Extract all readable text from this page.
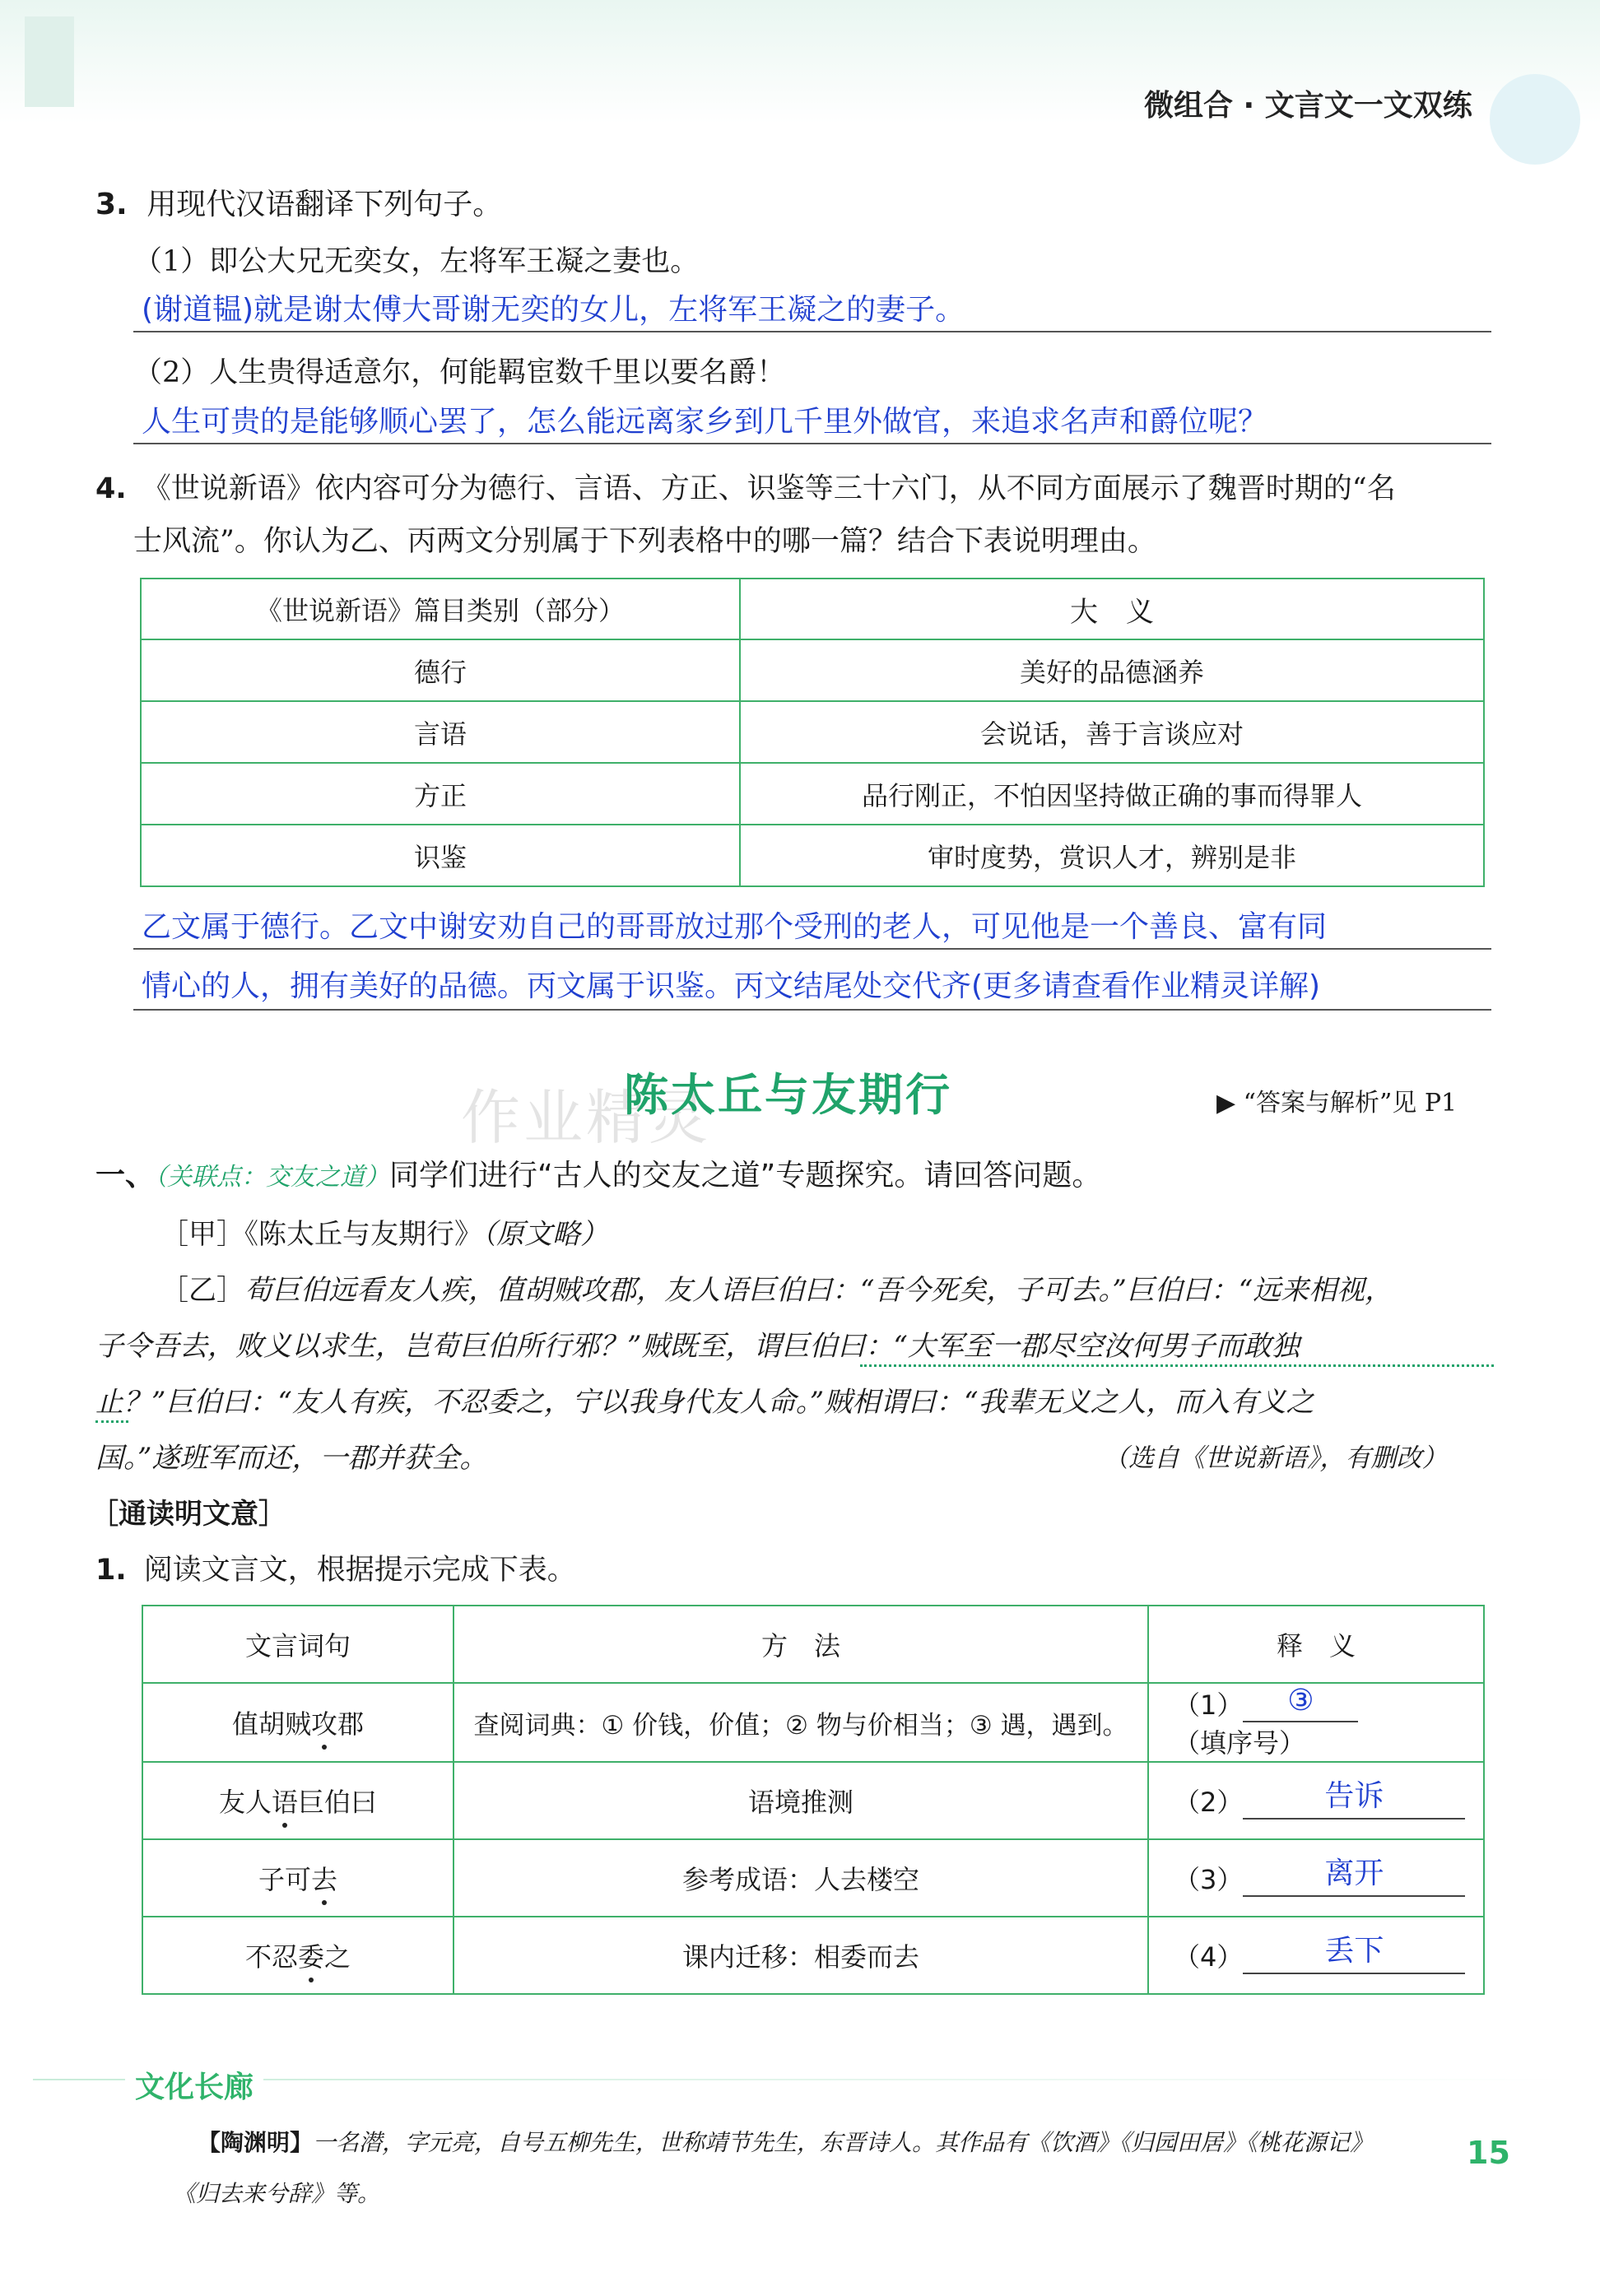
微组合 · 文言文一文双练
3. 用现代汉语翻译下列句子。
（1）即公大兄无奕女，左将军王凝之妻也。
(谢道韫)就是谢太傅大哥谢无奕的女儿，左将军王凝之的妻子。
（2）人生贵得适意尔，何能羁宦数千里以要名爵！
人生可贵的是能够顺心罢了，怎么能远离家乡到几千里外做官，来追求名声和爵位呢？
4. 《世说新语》依内容可分为德行、言语、方正、识鉴等三十六门，从不同方面展示了魏晋时期的“名
士风流”。你认为乙、丙两文分别属于下列表格中的哪一篇？结合下表说明理由。
《世说新语》篇目类别（部分）	大　义
德行	美好的品德涵养
言语	会说话，善于言谈应对
方正	品行刚正，不怕因坚持做正确的事而得罪人
识鉴	审时度势，赏识人才，辨别是非
乙文属于德行。乙文中谢安劝自己的哥哥放过那个受刑的老人，可见他是一个善良、富有同
情心的人，拥有美好的品德。丙文属于识鉴。丙文结尾处交代齐(更多请查看作业精灵详解)
作业精灵
陈太丘与友期行	▶ “答案与解析”见 P1
一、（关联点：交友之道）同学们进行“古人的交友之道”专题探究。请回答问题。
［甲］《陈太丘与友期行》（原文略）
［乙］荀巨伯远看友人疾，值胡贼攻郡，友人语巨伯曰：“吾今死矣，子可去。”巨伯曰：“远来相视，
子令吾去，败义以求生，岂荀巨伯所行邪？”贼既至，谓巨伯曰：“大军至一郡尽空汝何男子而敢独
止？”巨伯曰：“友人有疾，不忍委之，宁以我身代友人命。”贼相谓曰：“我辈无义之人，而入有义之
国。”遂班军而还，一郡并获全。	（选自《世说新语》，有删改）
［通读明文意］
1. 阅读文言文，根据提示完成下表。
文言词句	方　法	释　义
值胡贼攻郡	查阅词典：① 价钱，价值；② 物与价相当；③ 遇，遇到。	（1） ③
（填序号）
友人语巨伯曰	语境推测	（2） 告诉

子可去	参考成语：人去楼空	（3） 离开

不忍委之	课内迁移：相委而去	（4） 丢下
文化长廊
【陶渊明】一名潜，字元亮，自号五柳先生，世称靖节先生，东晋诗人。其作品有《饮酒》《归园田居》《桃花源记》
《归去来兮辞》等。
15
